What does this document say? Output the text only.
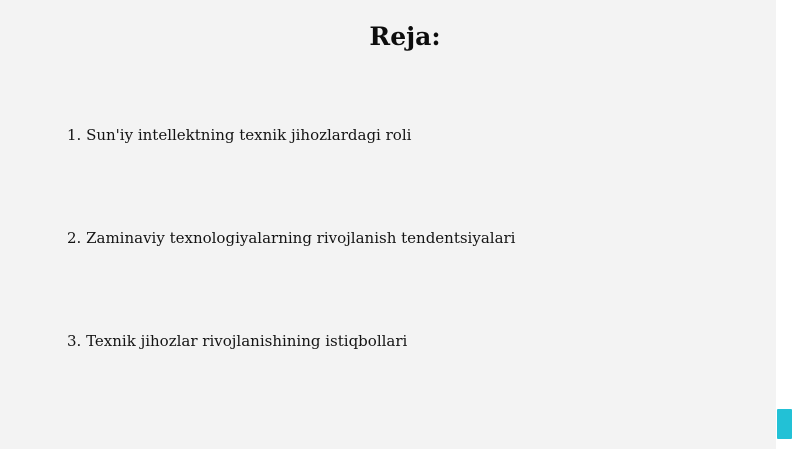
Reja:
1. Sun'iy intellektning texnik jihozlardagi roli
2. Zaminaviy texnologiyalarning rivojlanish tendentsiyalari
3. Texnik jihozlar rivojlanishining istiqbollari
